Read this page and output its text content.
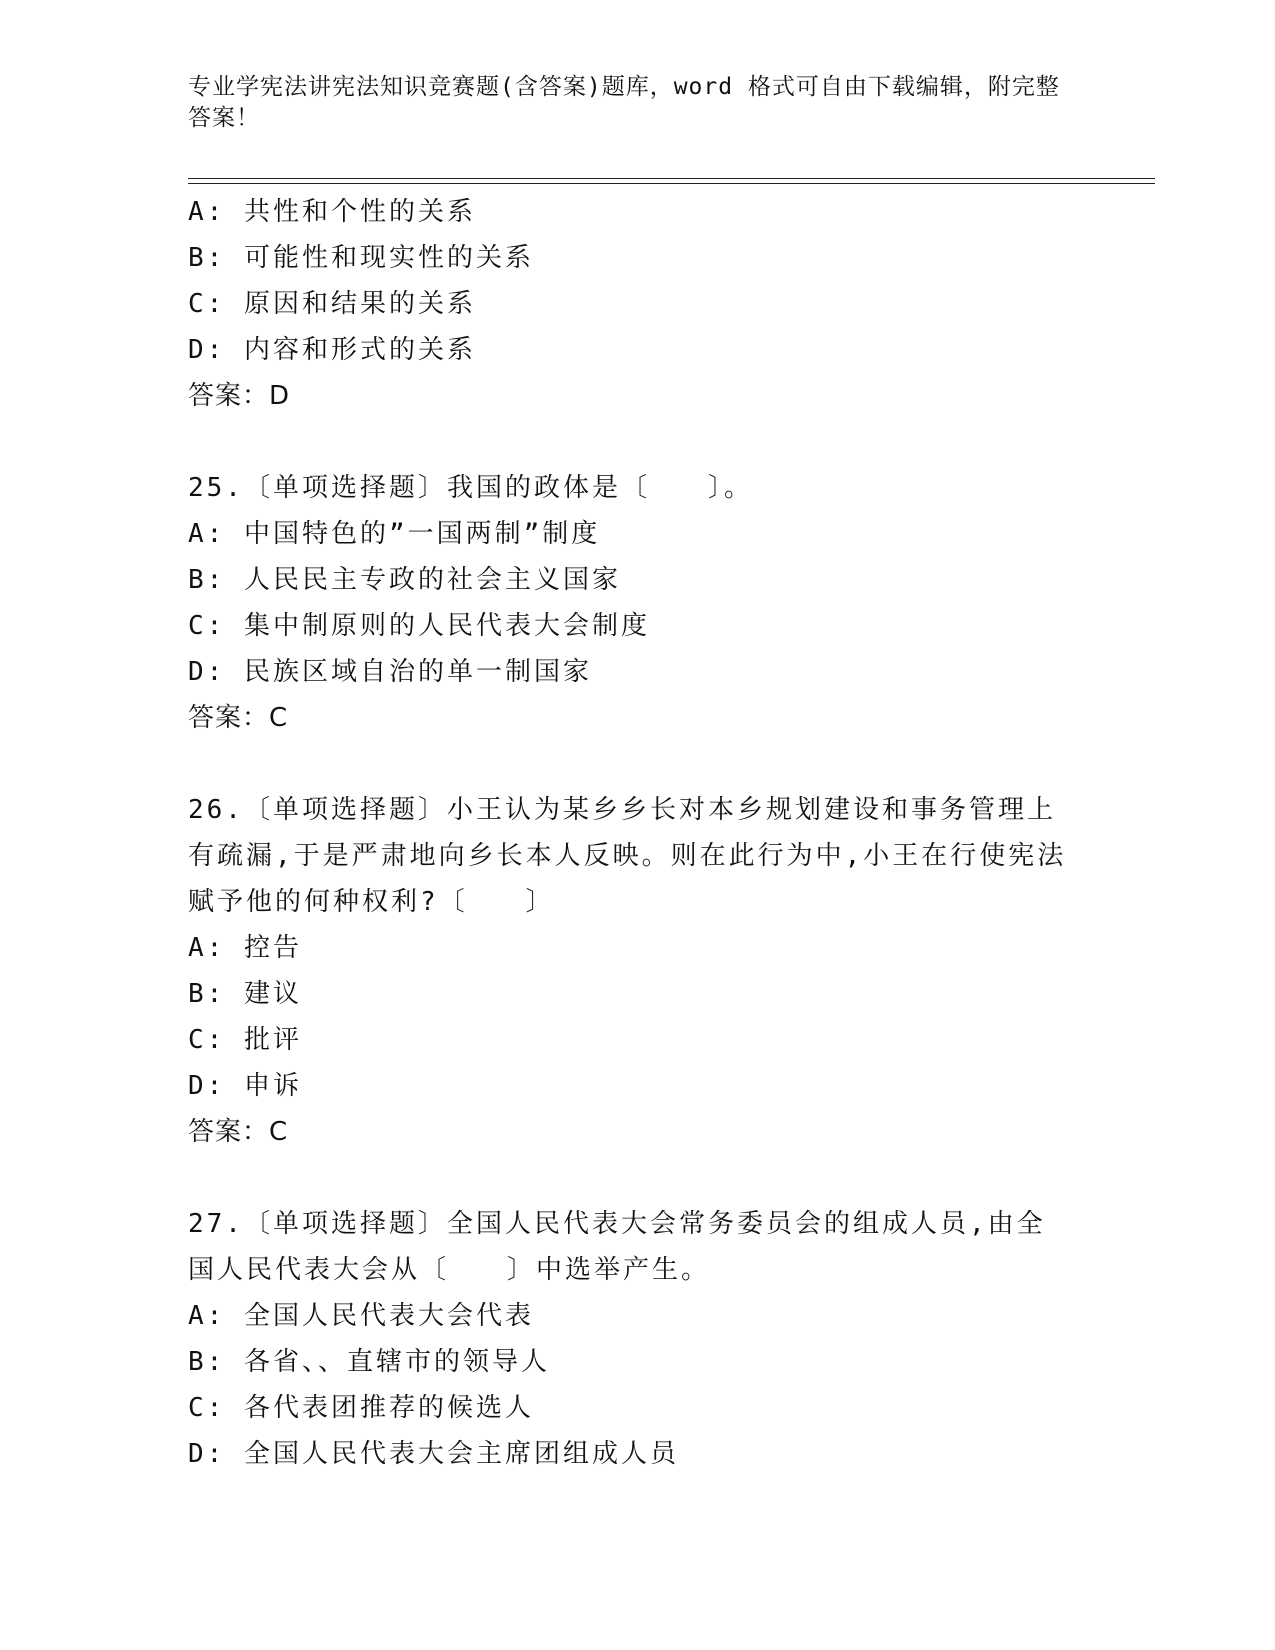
专业学宪法讲宪法知识竞赛题(含答案)题库，word 格式可自由下载编辑，附完整答案！
A: 共性和个性的关系
B: 可能性和现实性的关系
C: 原因和结果的关系
D: 内容和形式的关系
答案：D
25.〔单项选择题〕我国的政体是〔　　〕。
A: 中国特色的”一国两制”制度
B: 人民民主专政的社会主义国家
C: 集中制原则的人民代表大会制度
D: 民族区域自治的单一制国家
答案：C
26.〔单项选择题〕小王认为某乡乡长对本乡规划建设和事务管理上有疏漏,于是严肃地向乡长本人反映。则在此行为中,小王在行使宪法赋予他的何种权利?〔　　〕
A: 控告
B: 建议
C: 批评
D: 申诉
答案：C
27.〔单项选择题〕全国人民代表大会常务委员会的组成人员,由全国人民代表大会从〔　　〕中选举产生。
A: 全国人民代表大会代表
B: 各省、、直辖市的领导人
C: 各代表团推荐的候选人
D: 全国人民代表大会主席团组成人员
